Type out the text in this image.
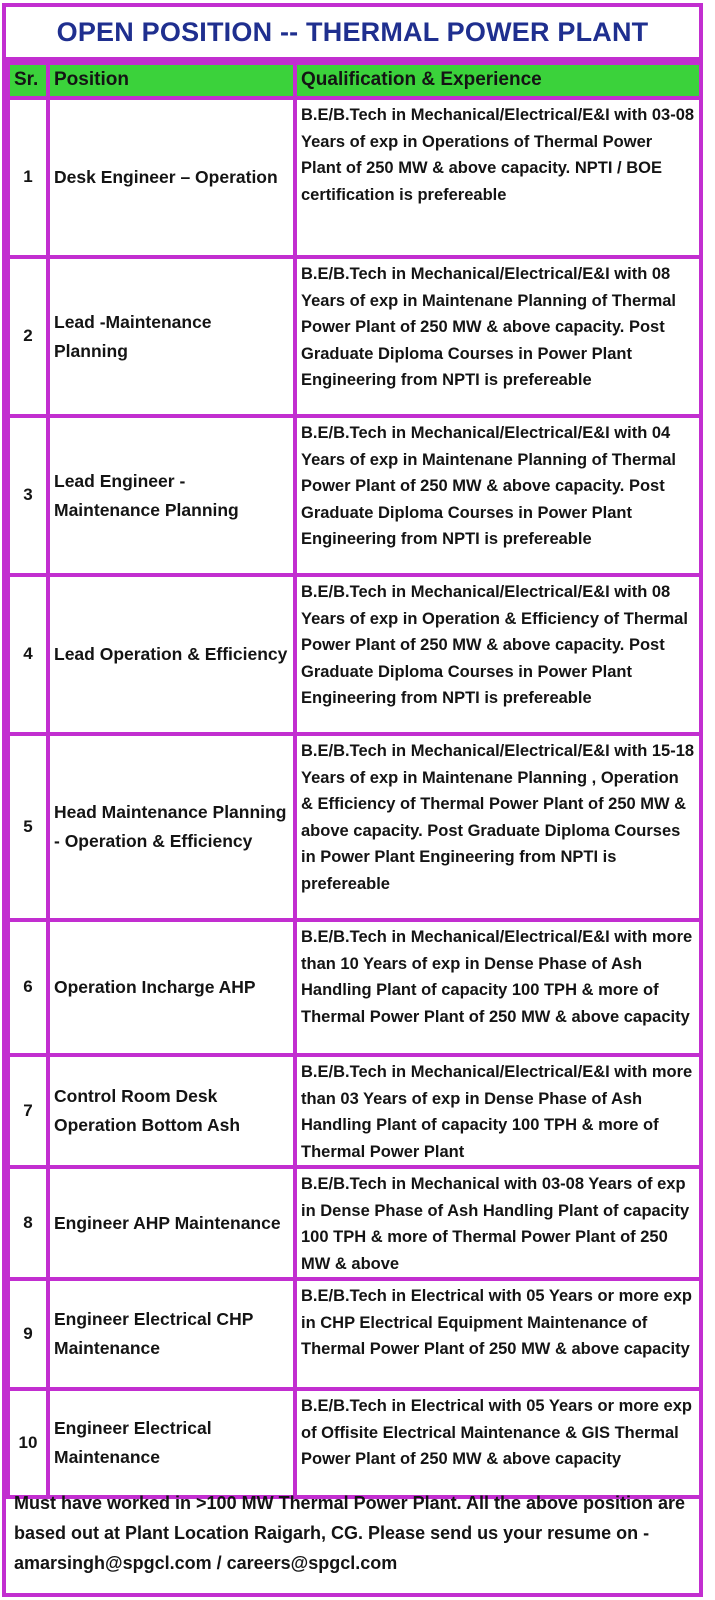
OPEN POSITION -- THERMAL POWER PLANT
Sr.	Position	Qualification & Experience
1	Desk Engineer – Operation	B.E/B.Tech in Mechanical/Electrical/E&I with 03-08 Years of exp in Operations of Thermal Power Plant of 250 MW & above capacity. NPTI / BOE certification is prefereable
2	Lead -Maintenance Planning	B.E/B.Tech in Mechanical/Electrical/E&I with 08 Years of exp in Maintenane Planning of Thermal Power Plant of 250 MW & above capacity. Post Graduate Diploma Courses in Power Plant Engineering from NPTI is prefereable
3	Lead Engineer - Maintenance Planning	B.E/B.Tech in Mechanical/Electrical/E&I with 04 Years of exp in Maintenane Planning of Thermal Power Plant of 250 MW & above capacity. Post Graduate Diploma Courses in Power Plant Engineering from NPTI is prefereable
4	Lead Operation & Efficiency	B.E/B.Tech in Mechanical/Electrical/E&I with 08 Years of exp in Operation & Efficiency of Thermal Power Plant of 250 MW & above capacity. Post Graduate Diploma Courses in Power Plant Engineering from NPTI is prefereable
5	Head Maintenance Planning - Operation & Efficiency	B.E/B.Tech in Mechanical/Electrical/E&I with 15-18 Years of exp in Maintenane Planning , Operation & Efficiency of Thermal Power Plant of 250 MW & above capacity. Post Graduate Diploma Courses in Power Plant Engineering from NPTI is prefereable
6	Operation Incharge AHP	B.E/B.Tech in Mechanical/Electrical/E&I with more than 10 Years of exp in Dense Phase of Ash Handling Plant of capacity 100 TPH & more of Thermal Power Plant of 250 MW & above capacity
7	Control Room Desk Operation Bottom Ash	B.E/B.Tech in Mechanical/Electrical/E&I with more than 03 Years of exp in Dense Phase of Ash Handling Plant of capacity 100 TPH & more of Thermal Power Plant
8	Engineer AHP Maintenance	B.E/B.Tech in Mechanical with 03-08 Years of exp in Dense Phase of Ash Handling Plant of capacity 100 TPH & more of Thermal Power Plant of 250 MW & above
9	Engineer Electrical CHP Maintenance	B.E/B.Tech in Electrical with 05 Years or more exp in CHP Electrical Equipment Maintenance of Thermal Power Plant of 250 MW & above capacity
10	Engineer Electrical Maintenance	B.E/B.Tech in Electrical with 05 Years or more exp of Offisite Electrical Maintenance & GIS Thermal Power Plant of 250 MW & above capacity
Must have worked in >100 MW Thermal Power Plant. All the above position are based out at Plant Location Raigarh, CG. Please send us your resume on - amarsingh@spgcl.com / careers@spgcl.com
